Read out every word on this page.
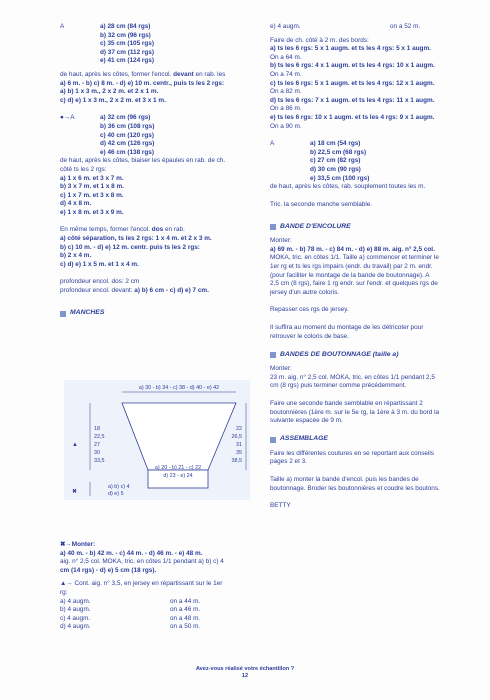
A	a) 28 cm (84 rgs)
b) 32 cm (96 rgs)
c) 35 cm (105 rgs)
d) 37 cm (112 rgs)
e) 41 cm (124 rgs)
de haut, après les côtes, former l'encol. devant en rab. les
a) 6 m. - b) c) 8 m. - d) e) 10 m. centr., puis ts les 2 rgs:
a) b) 1 x 3 m., 2 x 2 m. et 2 x 1 m.
c) d) e) 1 x 3 m., 2 x 2 m. et 3 x 1 m.
●→A	a) 32 cm (96 rgs)
b) 36 cm (108 rgs)
c) 40 cm (120 rgs)
d) 42 cm (126 rgs)
e) 46 cm (138 rgs)
de haut, après les côtes, biaiser les épaules en rab. de ch.
côté ts les 2 rgs:
a) 1 x 6 m. et 3 x 7 m.
b) 3 x 7 m. et 1 x 8 m.
c) 1 x 7 m. et 3 x 8 m.
d) 4 x 8 m.
e) 1 x 8 m. et 3 x 9 m.
En même temps, former l'encol. dos en rab.
a) côté séparation, ts les 2 rgs: 1 x 4 m. et 2 x 3 m.
b) c) 10 m. - d) e) 12 m. centr. puis ts les 2 rgs:
b) 2 x 4 m.
c) d) e) 1 x 5 m. et 1 x 4 m.
profondeur encol. dos: 2 cm
profondeur encol. devant: a) b) 6 cm - c) d) e) 7 cm.
MANCHES
a) 30 - b) 34 - c) 38 - d) 40 - e) 42
▲
18 22,5 27 30 33,5
22 26,5 31 35 38,5
a) 20 - b) 21 - c) 22
d) 23 - e) 24
✖
a) b) c) 4
d) e) 5
✖→Monter:
a) 40 m. - b) 42 m. - c) 44 m. - d) 46 m. - e) 48 m.
aig. n° 2,5 col. MOKA, tric. en côtes 1/1 pendant a) b) c) 4
cm (14 rgs) - d) e) 5 cm (18 rgs).
▲→ Cont. aig. n° 3,5, en jersey en répartissant sur le 1er
rg:
a) 4 augm.	on a 44 m.
b) 4 augm.	on a 46 m.
c) 4 augm.	on a 48 m.
d) 4 augm.	on a 50 m.
e) 4 augm.	on a 52 m.
Faire de ch. côté à 2 m. des bords:
a) ts les 6 rgs: 5 x 1 augm. et ts les 4 rgs: 5 x 1 augm.
On a 64 m.
b) ts les 6 rgs: 4 x 1 augm. et ts les 4 rgs: 10 x 1 augm.
On a 74 m.
c) ts les 6 rgs: 5 x 1 augm. et ts les 4 rgs: 12 x 1 augm.
On a 82 m.
d) ts les 6 rgs: 7 x 1 augm. et ts les 4 rgs: 11 x 1 augm.
On a 86 m.
e) ts les 6 rgs: 10 x 1 augm. et ts les 4 rgs: 9 x 1 augm.
On a 90 m.
A	a) 18 cm (54 rgs)
b) 22,5 cm (68 rgs)
c) 27 cm (82 rgs)
d) 30 cm (90 rgs)
e) 33,5 cm (100 rgs)
de haut, après les côtes, rab. souplement toutes les m.
Tric. la seconde manche semblable.
BANDE D'ENCOLURE
Monter:
a) 69 m. - b) 78 m. - c) 84 m. - d) e) 88 m. aig. n° 2,5 col.
MOKA, tric. en côtes 1/1. Taille a) commencer et terminer le
1er rg et ts les rgs impairs (endr. du travail) par 2 m. endr.
(pour faciliter le montage de la bande de boutonnage). A
2,5 cm (8 rgs), faire 1 rg endr. sur l'endr. et quelques rgs de
jersey d'un autre coloris.
Repasser ces rgs de jersey.
Il suffira au moment du montage de les détricoter pour
retrouver le coloris de base.
BANDES DE BOUTONNAGE
(taille a)
Monter:
23 m. aig. n° 2,5 col. MOKA, tric. en côtes 1/1 pendant 2,5
cm (8 rgs) puis terminer comme précédemment.
Faire une seconde bande semblable en répartissant 2
boutonnières (1ère m. sur le 5e rg, la 1ère à 3 m. du bord la
suivante espacée de 9 m.
ASSEMBLAGE
Faire les différentes coutures en se reportant aux conseils
pages 2 et 3.
Taille a) monter la bande d'encol. puis les bandes de
boutonnage. Broder les boutonnières et coudre les boutons.
BETTY
Avez-vous réalisé votre échantillon ?
12
